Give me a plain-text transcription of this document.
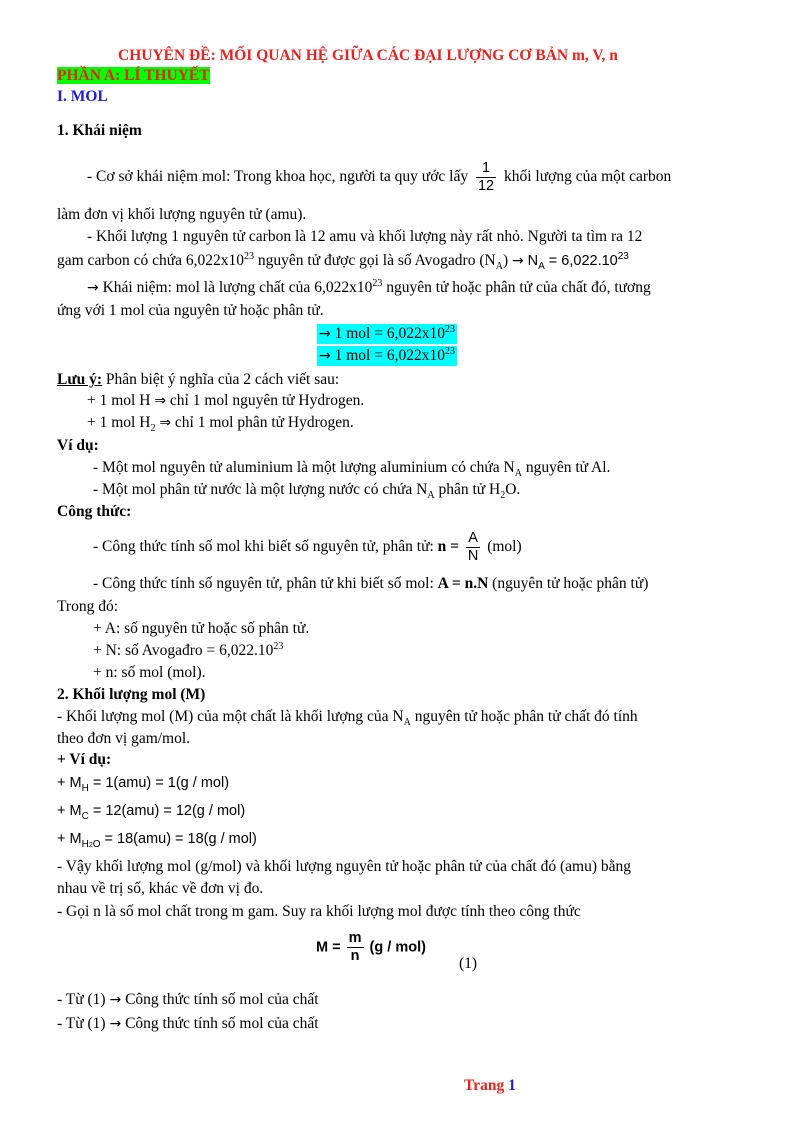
CHUYÊN ĐỀ: MỐI QUAN HỆ GIỮA CÁC ĐẠI LƯỢNG CƠ BẢN m, V, n
PHẦN A: LÍ THUYẾT
I. MOL
1. Khái niệm
- Cơ sở khái niệm mol: Trong khoa học, người ta quy ước lấy $\frac{1}{12}$ khối lượng của một carbon
làm đơn vị khối lượng nguyên tử (amu).
- Khối lượng 1 nguyên tử carbon là 12 amu và khối lượng này rất nhỏ. Người ta tìm ra 12
gam carbon có chứa $6,022x10^{23}$ nguyên tử được gọi là số Avogadro $(N_A) \to N_A = 6,022.10^{23}$
→ Khái niệm: mol là lượng chất của $6,022x10^{23}$ nguyên tử hoặc phân tử của chất đó, tương
ứng với 1 mol của nguyên tử hoặc phân tử.
→ 1 mol = $6,022x10^{23}$
→ 1 mol = $6,022x10^{23}$
Lưu ý: Phân biệt ý nghĩa của 2 cách viết sau:
+ 1 mol H ⇒ chỉ 1 mol nguyên tử Hydrogen.
+ 1 mol $H_2$ ⇒ chỉ 1 mol phân tử Hydrogen.
Ví dụ:
- Một mol nguyên tử aluminium là một lượng aluminium có chứa $N_A$ nguyên tử Al.
- Một mol phân tử nước là một lượng nước có chứa $N_A$ phân tử $H_2O$.
Công thức:
- Công thức tính số mol khi biết số nguyên tử, phân tử: $n = \frac{A}{N} (mol)$
- Công thức tính số nguyên tử, phân tử khi biết số mol: A = n.N (nguyên tử hoặc phân tử)
Trong đó:
+ A: số nguyên tử hoặc số phân tử.
+ N: số Avogađro = $6,022.10^{23}$
+ n: số mol (mol).
2. Khối lượng mol (M)
- Khối lượng mol (M) của một chất là khối lượng của $N_A$ nguyên tử hoặc phân tử chất đó tính
theo đơn vị gam/mol.
+ Ví dụ:
+ $M_H = 1(amu) = 1(g / mol)$
+ $M_C = 12(amu) = 12(g / mol)$
+ $M_{H2O} = 18(amu) = 18(g / mol)$
- Vậy khối lượng mol (g/mol) và khối lượng nguyên tử hoặc phân tử của chất đó (amu) bằng
nhau về trị số, khác về đơn vị đo.
- Gọi n là số mol chất trong m gam. Suy ra khối lượng mol được tính theo công thức
$M = \frac{m}{n} (g / mol)$
(1)
- Từ (1) → Công thức tính số mol của chất
- Từ (1) → Công thức tính số mol của chất
Trang 1
